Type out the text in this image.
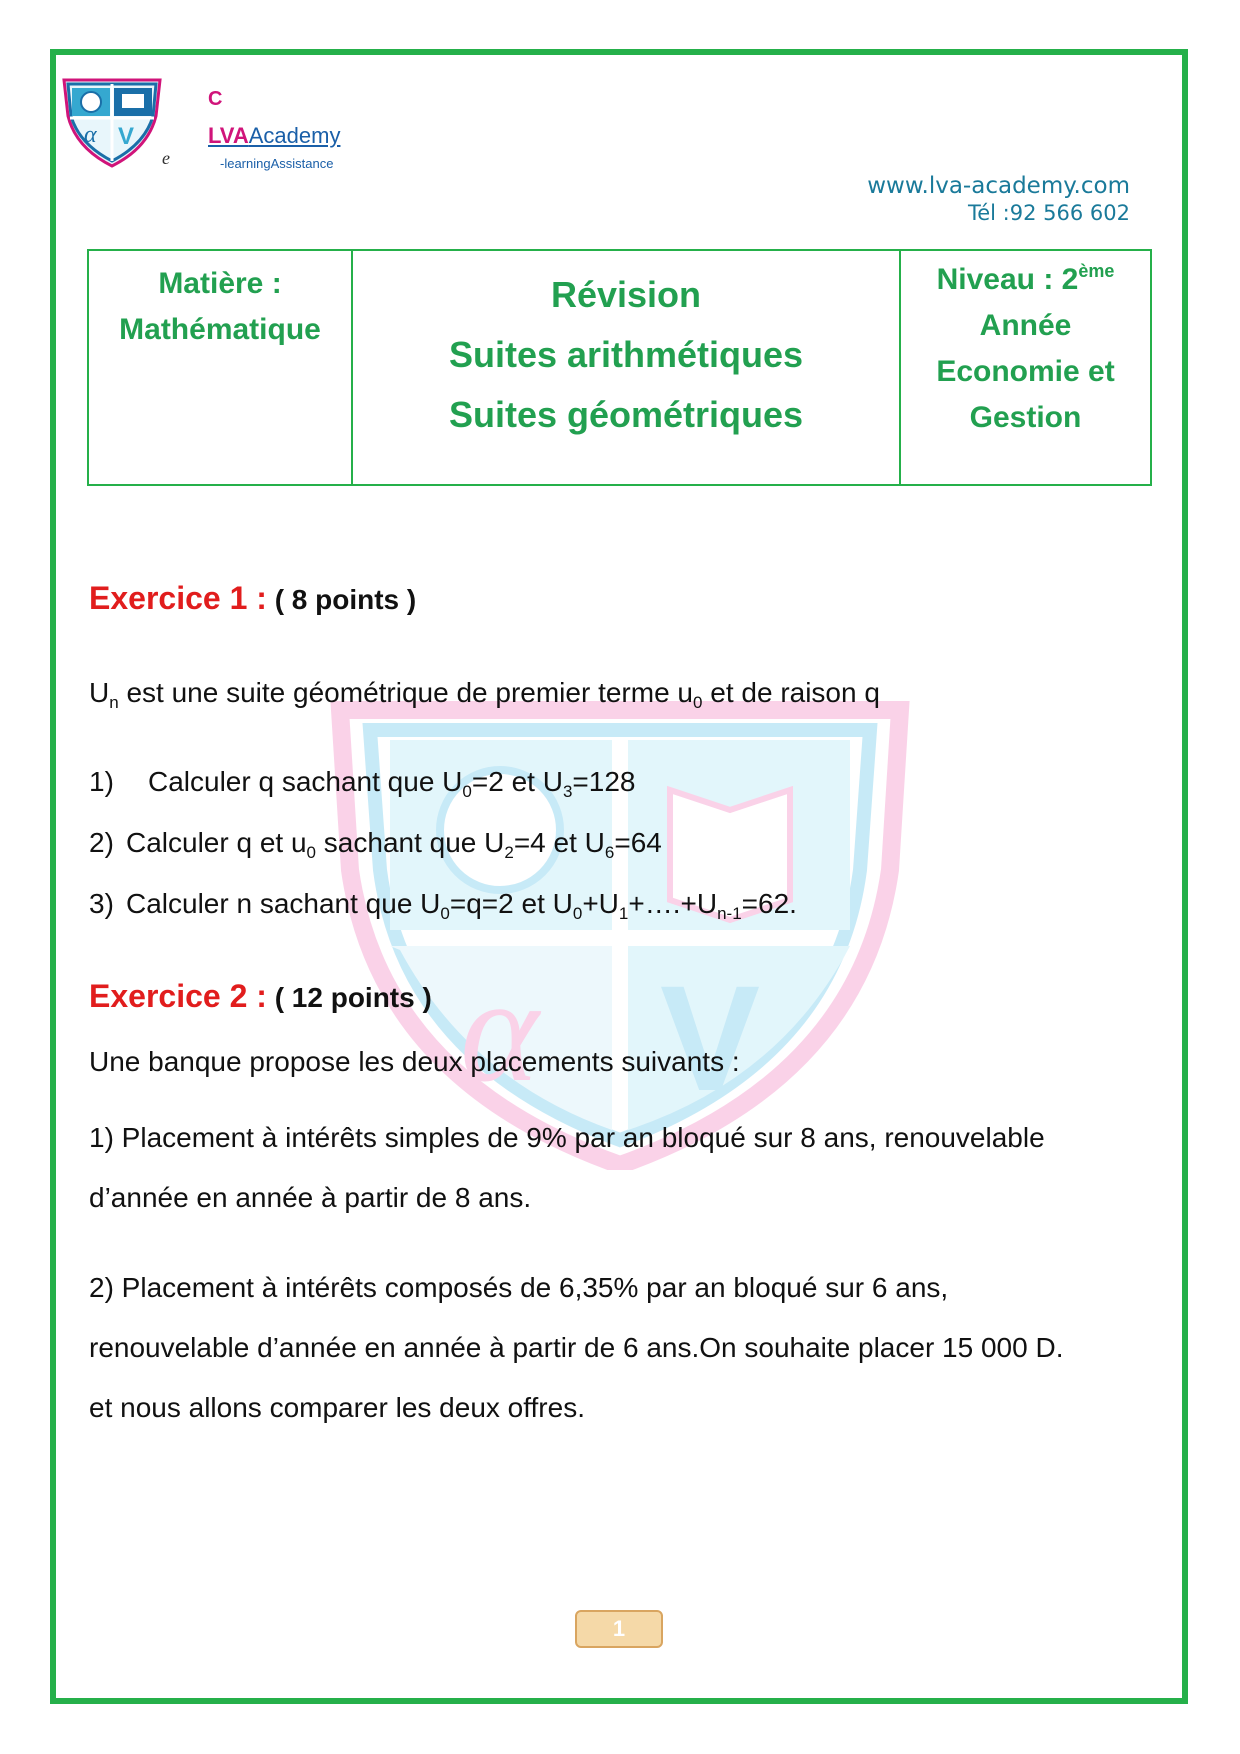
α V
C
e
LVAAcademy
-learningAssistance
www.lva-academy.com
Tél :92 566 602
Matière :
Mathématique
Révision
Suites arithmétiques
Suites géométriques
Niveau : 2ème
Année
Economie et
Gestion
α V
Exercice 1 : ( 8 points )
$U_n$ est une suite géométrique de premier terme $u_0$ et de raison q
1) Calculer q sachant que $U_0=2$ et $U_3=128$
2) Calculer q et $u_0$ sachant que $U_2=4$ et $U_6=64$
3) Calculer n sachant que $U_0=q=2$ et $U_0+U_1+\dots.+U_{n-1}=62$.
Exercice 2 : ( 12 points )
Une banque propose les deux placements suivants :
1) Placement à intérêts simples de 9% par an bloqué sur 8 ans, renouvelable
d’année en année à partir de 8 ans.
2) Placement à intérêts composés de 6,35% par an bloqué sur 6 ans,
renouvelable d’année en année à partir de 6 ans.On souhaite placer 15 000 D.
et nous allons comparer les deux offres.
1
